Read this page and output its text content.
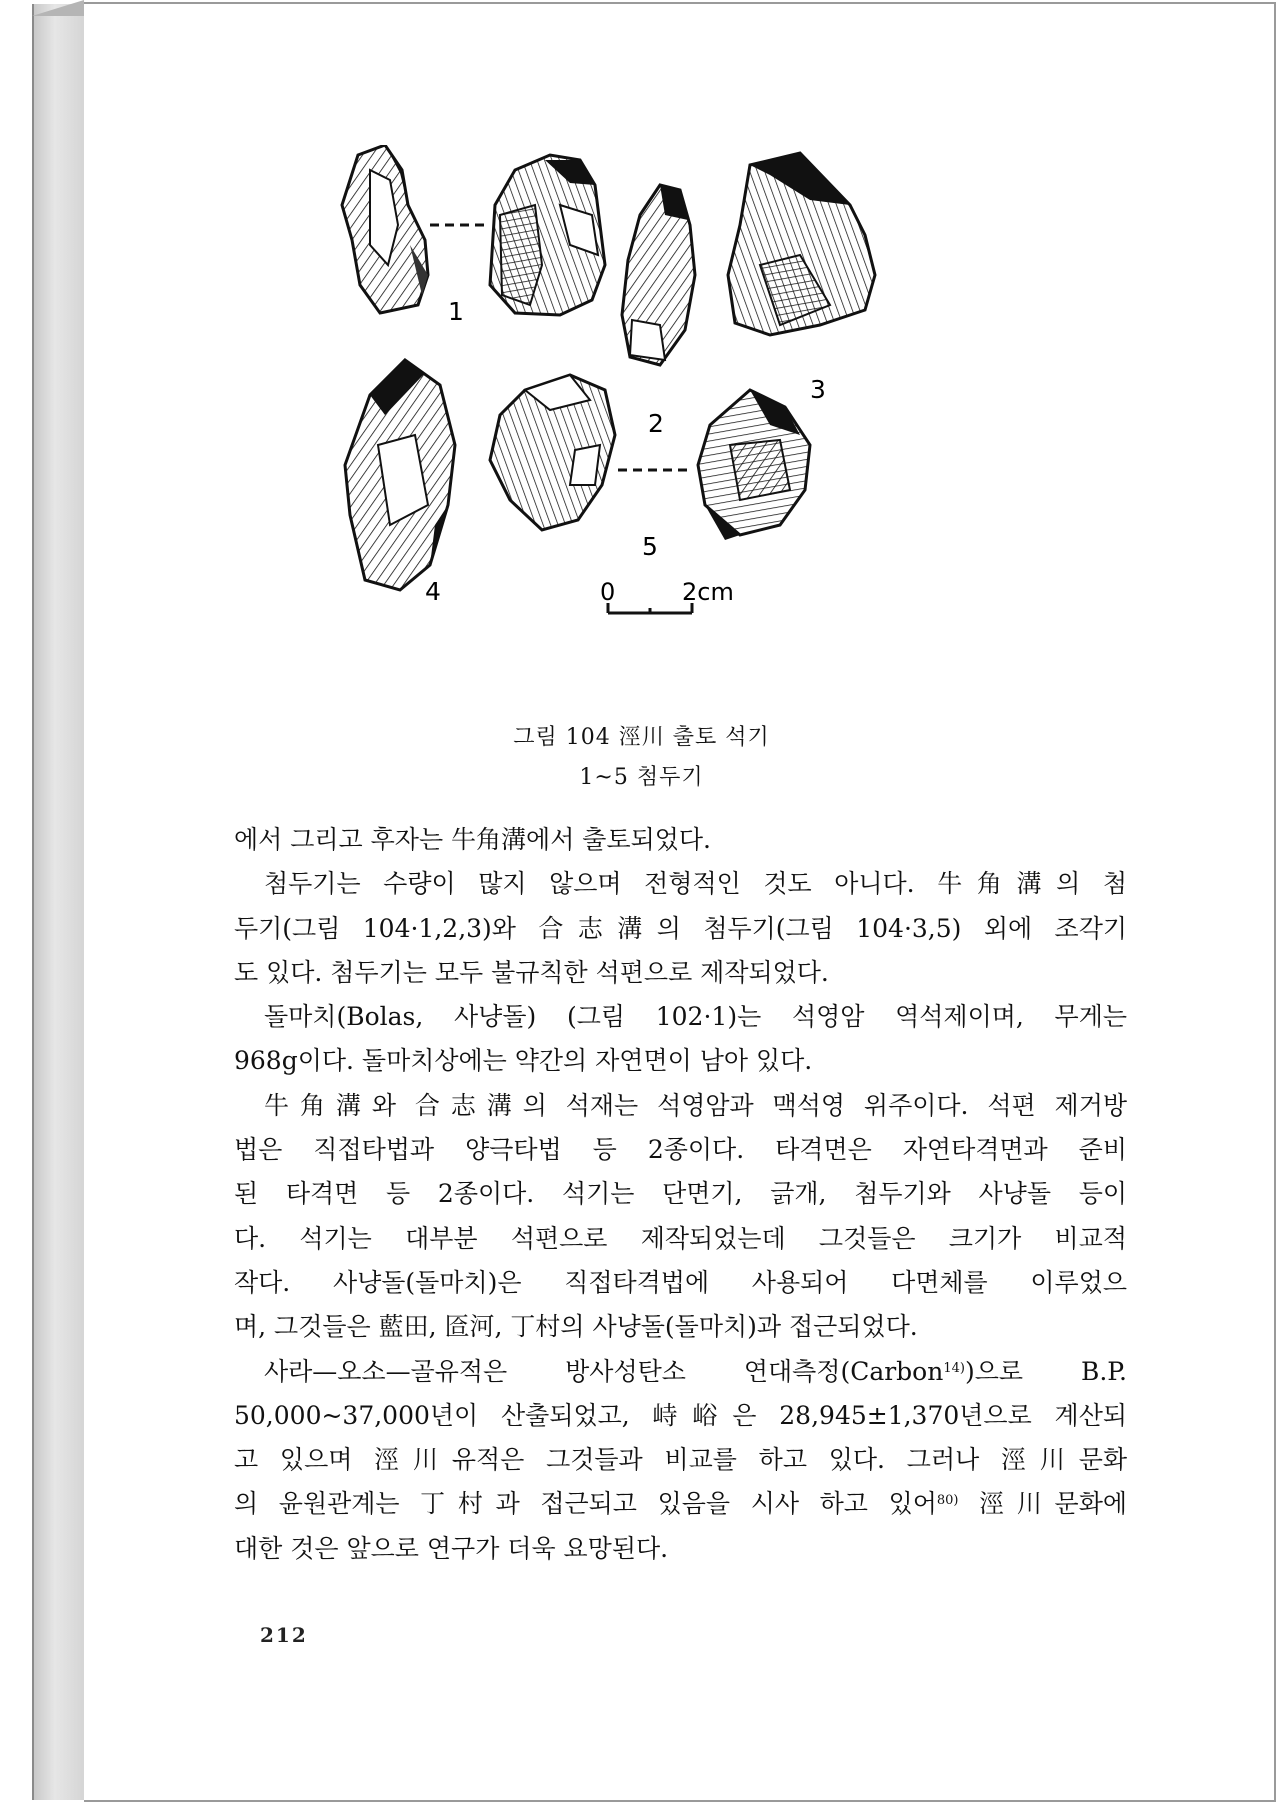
1
2
3
4
5
0	2cm
그림 104 涇川 출토 석기
1~5 첨두기

에서 그리고 후자는 牛角溝에서 출토되었다.

첨두기는 수량이 많지 않으며 전형적인 것도 아니다. 牛角溝의 첨
두기(그림 104·1,2,3)와 合志溝의 첨두기(그림 104·3,5) 외에 조각기
도 있다. 첨두기는 모두 불규칙한 석편으로 제작되었다.

돌마치(Bolas, 사냥돌) (그림 102·1)는 석영암 역석제이며, 무게는
968g이다. 돌마치상에는 약간의 자연면이 남아 있다.

牛角溝와 合志溝의 석재는 석영암과 맥석영 위주이다. 석편 제거방
법은 직접타법과 양극타법 등 2종이다. 타격면은 자연타격면과 준비
된 타격면 등 2종이다. 석기는 단면기, 긁개, 첨두기와 사냥돌 등이
다. 석기는 대부분 석편으로 제작되었는데 그것들은 크기가 비교적
작다. 사냥돌(돌마치)은 직접타격법에 사용되어 다면체를 이루었으
며, 그것들은 藍田, 匼河, 丁村의 사냥돌(돌마치)과 접근되었다.

사라—오소—골유적은 방사성탄소 연대측정(Carbon$^{14)}$)으로 B.P.
50,000~37,000년이 산출되었고, 峙峪은 28,945±1,370년으로 계산되
고 있으며 涇川유적은 그것들과 비교를 하고 있다. 그러나 涇川문화
의 윤원관계는 丁村과 접근되고 있음을 시사 하고 있어$^{80)}$ 涇川문화에
대한 것은 앞으로 연구가 더욱 요망된다.

212
